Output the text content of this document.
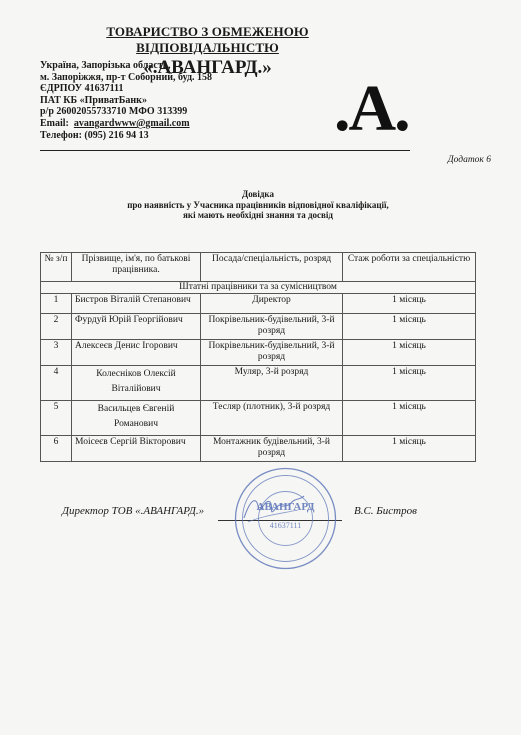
ТОВАРИСТВО З ОБМЕЖЕНОЮ ВІДПОВІДАЛЬНІСТЮ
«.АВАНГАРД.»
Україна, Запорізька область,
м. Запоріжжя, пр-т Соборний, буд. 158
ЄДРПОУ 41637111
ПАТ КБ «ПриватБанк»
р/р 26002055733710 МФО 313399
Email: avangardwww@gmail.com
Телефон: (095) 216 94 13	.A.
Додаток 6
Довідка
про наявність у Учасника працівників відповідної кваліфікації,
які мають необхідні знання та досвід
№ з/п	Прізвище, ім'я, по батькові працівника.	Посада/спеціальність, розряд	Стаж роботи за спеціальністю
Штатні працівники та за сумісництвом			
1	Бистров Віталій Степанович	Директор	1 місяць
2	Фурдуй Юрій Георгійович	Покрівельник-будівельний, 3-й розряд	1 місяць
3	Алексеєв Денис Ігорович	Покрівельник-будівельний, 3-й розряд	1 місяць
4	Колесніков Олексій Віталійович	Муляр, 3-й розряд	1 місяць
5	Васильцев Євгеній Романович	Тесляр (плотник), 3-й розряд	1 місяць
6	Моісеєв Сергій Вікторович	Монтажник будівельний, 3-й розряд	1 місяць
Директор ТОВ «.АВАНГАРД.»	В.С. Бистров
АВАНГАРД
41637111
